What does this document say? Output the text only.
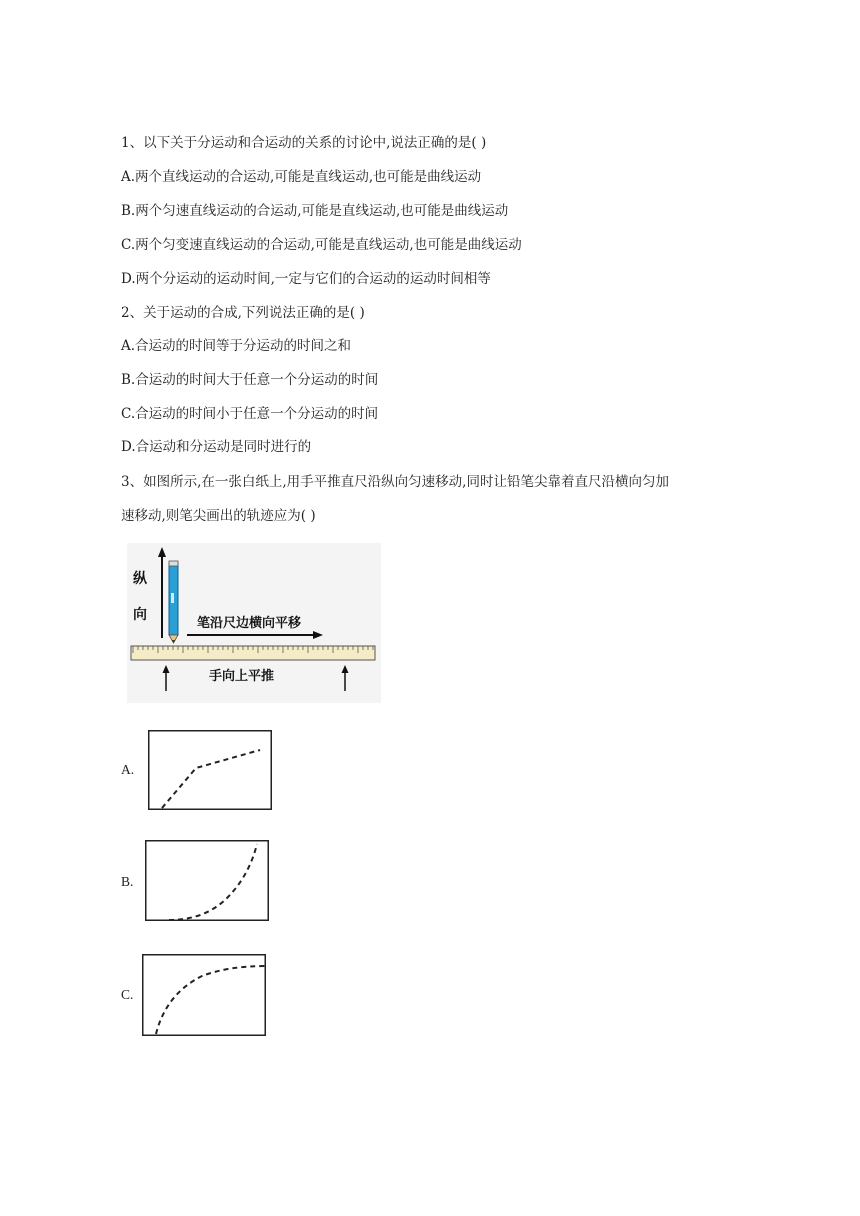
1、以下关于分运动和合运动的关系的讨论中,说法正确的是( )
A.两个直线运动的合运动,可能是直线运动,也可能是曲线运动
B.两个匀速直线运动的合运动,可能是直线运动,也可能是曲线运动
C.两个匀变速直线运动的合运动,可能是直线运动,也可能是曲线运动
D.两个分运动的运动时间,一定与它们的合运动的运动时间相等
2、关于运动的合成,下列说法正确的是( )
A.合运动的时间等于分运动的时间之和
B.合运动的时间大于任意一个分运动的时间
C.合运动的时间小于任意一个分运动的时间
D.合运动和分运动是同时进行的
3、如图所示,在一张白纸上,用手平推直尺沿纵向匀速移动,同时让铅笔尖靠着直尺沿横向匀加
速移动,则笔尖画出的轨迹应为( )
纵
向
笔沿尺边横向平移
手向上平推
A.
B.
C.
